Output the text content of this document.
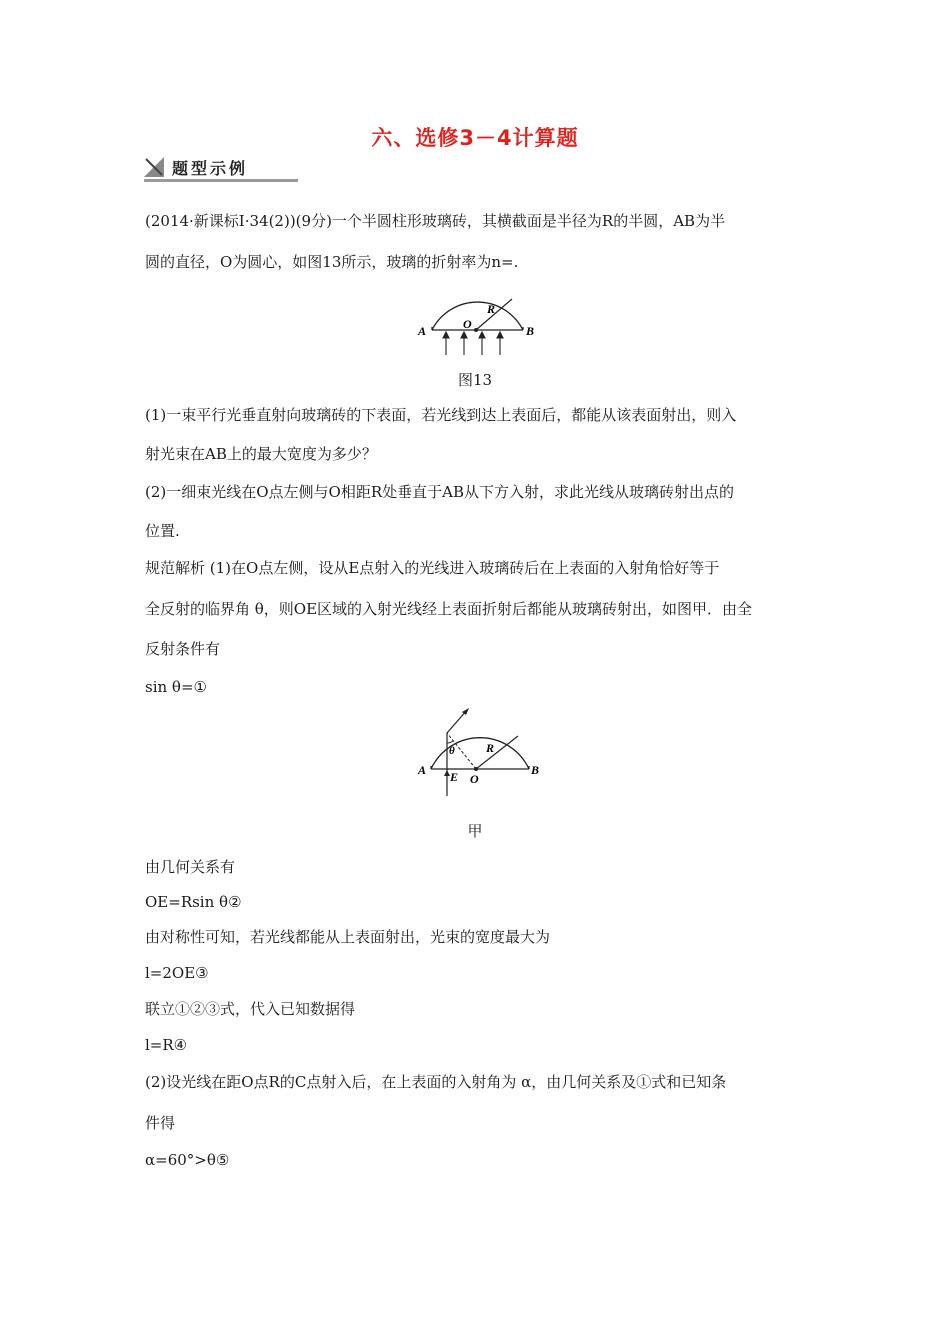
六、选修3－4计算题
题型示例
(2014·新课标Ⅰ·34(2))(9分)一个半圆柱形玻璃砖，其横截面是半径为R的半圆，AB为半
圆的直径，O为圆心，如图13所示，玻璃的折射率为n=.
A	B
O
R
图13
(1)一束平行光垂直射向玻璃砖的下表面，若光线到达上表面后，都能从该表面射出，则入
射光束在AB上的最大宽度为多少？
(2)一细束光线在O点左侧与O相距R处垂直于AB从下方入射，求此光线从玻璃砖射出点的
位置.
规范解析 (1)在O点左侧，设从E点射入的光线进入玻璃砖后在上表面的入射角恰好等于
全反射的临界角 θ，则OE区域的入射光线经上表面折射后都能从玻璃砖射出，如图甲．由全
反射条件有
sin θ=①
A	B
O
E
R
θ
甲
由几何关系有
OE=Rsin θ②
由对称性可知，若光线都能从上表面射出，光束的宽度最大为
l=2OE③
联立①②③式，代入已知数据得
l=R④
(2)设光线在距O点R的C点射入后，在上表面的入射角为 α，由几何关系及①式和已知条
件得
α=60°>θ⑤
